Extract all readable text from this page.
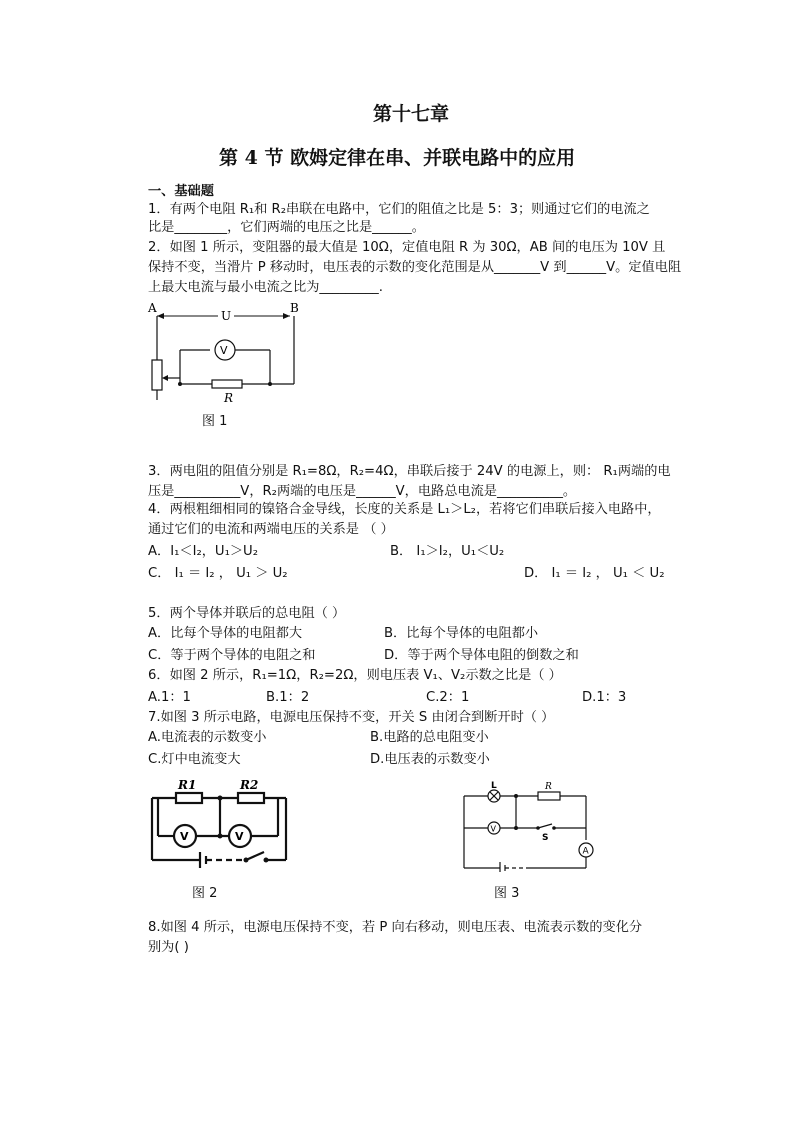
第十七章
第 4 节 欧姆定律在串、并联电路中的应用
一、基础题
1．有两个电阻 R₁和 R₂串联在电路中，它们的阻值之比是 5：3；则通过它们的电流之
比是________，它们两端的电压之比是______。
2．如图 1 所示，变阻器的最大值是 10Ω，定值电阻 R 为 30Ω，AB 间的电压为 10V 且
保持不变，当滑片 P 移动时，电压表的示数的变化范围是从_______V 到______V。定值电阻
上最大电流与最小电流之比为_________.
A	B
U
V
R
图 1
3．两电阻的阻值分别是 R₁=8Ω，R₂=4Ω，串联后接于 24V 的电源上，则： R₁两端的电
压是__________V，R₂两端的电压是______V，电路总电流是__________。
4．两根粗细相同的镍铬合金导线，长度的关系是 L₁＞L₂，若将它们串联后接入电路中，
通过它们的电流和两端电压的关系是 （ ）
A．I₁＜I₂，U₁＞U₂	B． I₁＞I₂，U₁＜U₂
C． I₁ ＝ I₂ ， U₁ ＞ U₂	D． I₁ ＝ I₂ ， U₁ ＜ U₂
5．两个导体并联后的总电阻（ ）
A．比每个导体的电阻都大	B．比每个导体的电阻都小
C．等于两个导体的电阻之和	D．等于两个导体电阻的倒数之和
6．如图 2 所示，R₁=1Ω，R₂=2Ω，则电压表 V₁、V₂示数之比是（ ）
A.1：1	B.1：2	C.2：1	D.1：3
7.如图 3 所示电路，电源电压保持不变，开关 S 由闭合到断开时（ ）
A.电流表的示数变小	B.电路的总电阻变小
C.灯中电流变大	D.电压表的示数变小
R1	R2
V	V
图 2
L	R
V
S
A
图 3
8.如图 4 所示，电源电压保持不变，若 P 向右移动，则电压表、电流表示数的变化分
别为( )
